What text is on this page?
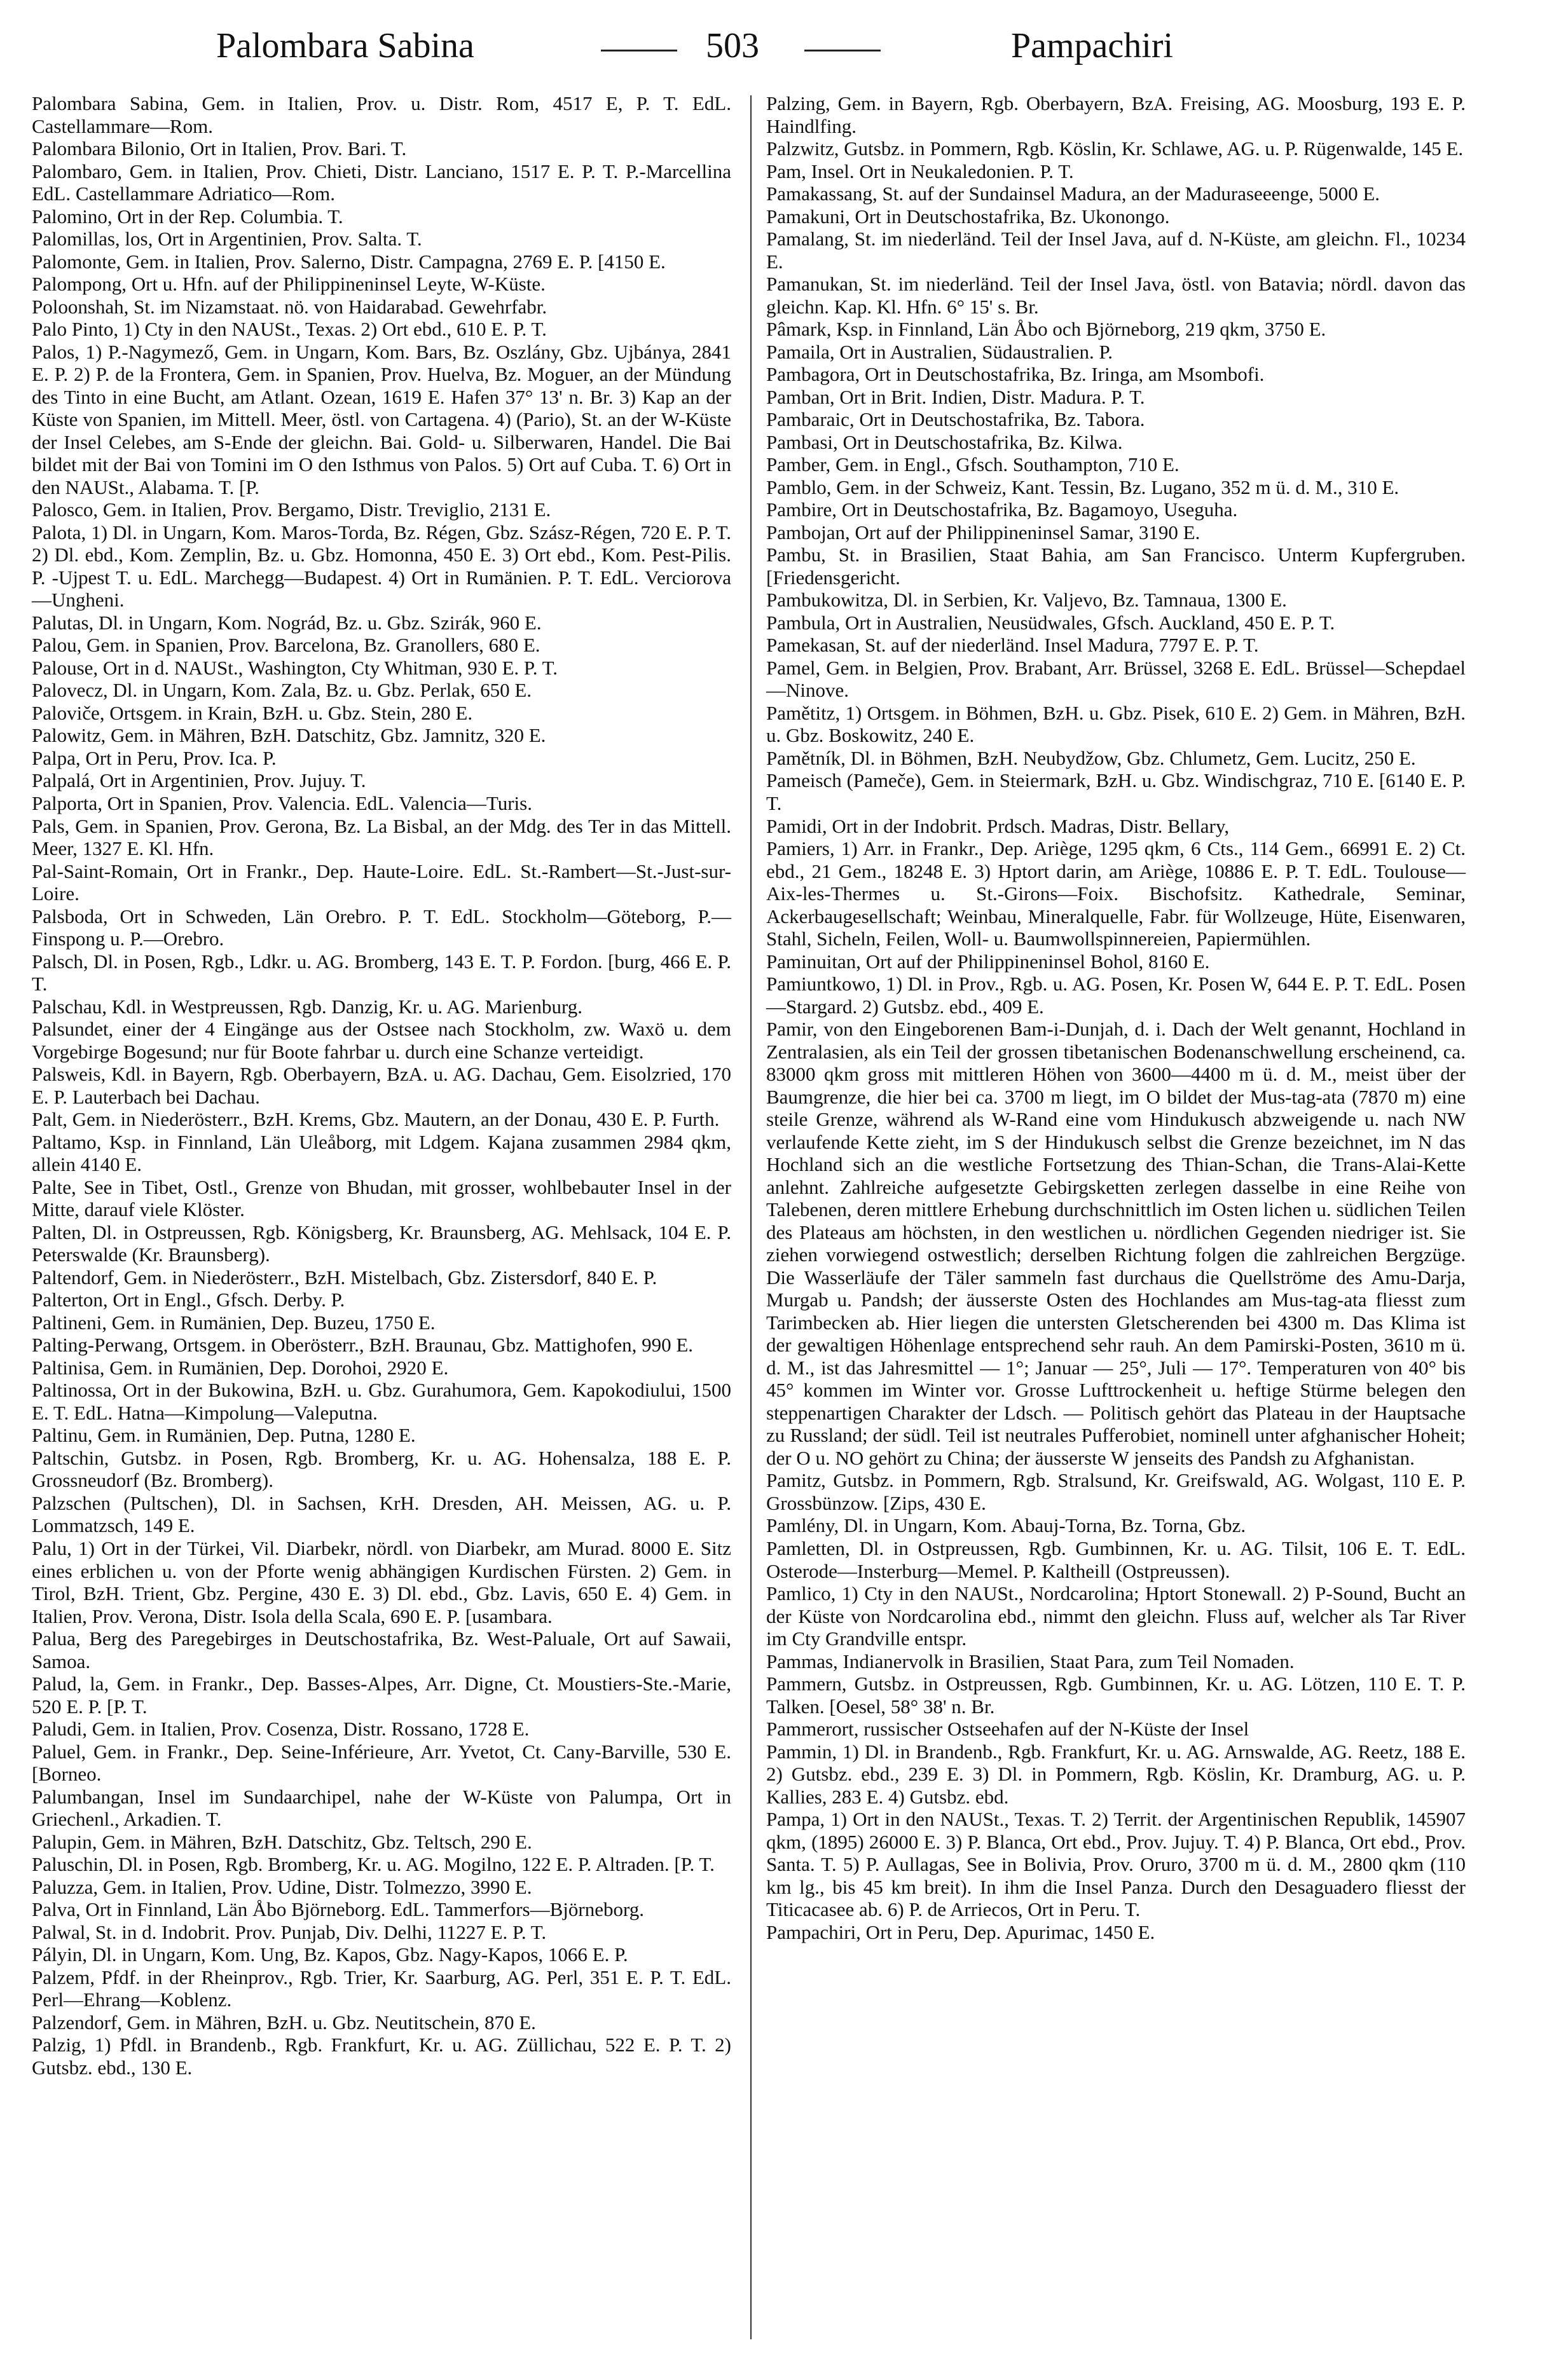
Palombara Sabina	503	Pampachiri

Palombara Sabina, Gem. in Italien, Prov. u. Distr. Rom, 4517 E, P. T. EdL. Castellammare—Rom.

Palombara Bilonio, Ort in Italien, Prov. Bari. T.

Palombaro, Gem. in Italien, Prov. Chieti, Distr. Lanciano, 1517 E. P. T. P.-Marcellina EdL. Castellammare Adriatico—Rom.

Palomino, Ort in der Rep. Columbia. T.

Palomillas, los, Ort in Argentinien, Prov. Salta. T.

Palomonte, Gem. in Italien, Prov. Salerno, Distr. Campagna, 2769 E. P. [4150 E.

Palompong, Ort u. Hfn. auf der Philippineninsel Leyte, W-Küste.

Poloonshah, St. im Nizamstaat. nö. von Haidarabad. Gewehrfabr.

Palo Pinto, 1) Cty in den NAUSt., Texas. 2) Ort ebd., 610 E. P. T.

Palos, 1) P.-Nagymező, Gem. in Ungarn, Kom. Bars, Bz. Oszlány, Gbz. Ujbánya, 2841 E. P. 2) P. de la Frontera, Gem. in Spanien, Prov. Huelva, Bz. Moguer, an der Mündung des Tinto in eine Bucht, am Atlant. Ozean, 1619 E. Hafen 37° 13' n. Br. 3) Kap an der Küste von Spanien, im Mittell. Meer, östl. von Cartagena. 4) (Pario), St. an der W-Küste der Insel Celebes, am S-Ende der gleichn. Bai. Gold- u. Silberwaren, Handel. Die Bai bildet mit der Bai von Tomini im O den Isthmus von Palos. 5) Ort auf Cuba. T. 6) Ort in den NAUSt., Alabama. T. [P.

Palosco, Gem. in Italien, Prov. Bergamo, Distr. Treviglio, 2131 E.

Palota, 1) Dl. in Ungarn, Kom. Maros-Torda, Bz. Régen, Gbz. Szász-Régen, 720 E. P. T. 2) Dl. ebd., Kom. Zemplin, Bz. u. Gbz. Homonna, 450 E. 3) Ort ebd., Kom. Pest-Pilis. P. -Ujpest T. u. EdL. Marchegg—Budapest. 4) Ort in Rumänien. P. T. EdL. Verciorova—Ungheni.

Palutas, Dl. in Ungarn, Kom. Nográd, Bz. u. Gbz. Szirák, 960 E.

Palou, Gem. in Spanien, Prov. Barcelona, Bz. Granollers, 680 E.

Palouse, Ort in d. NAUSt., Washington, Cty Whitman, 930 E. P. T.

Palovecz, Dl. in Ungarn, Kom. Zala, Bz. u. Gbz. Perlak, 650 E.

Paloviče, Ortsgem. in Krain, BzH. u. Gbz. Stein, 280 E.

Palowitz, Gem. in Mähren, BzH. Datschitz, Gbz. Jamnitz, 320 E.

Palpa, Ort in Peru, Prov. Ica. P.

Palpalá, Ort in Argentinien, Prov. Jujuy. T.

Palporta, Ort in Spanien, Prov. Valencia. EdL. Valencia—Turis.

Pals, Gem. in Spanien, Prov. Gerona, Bz. La Bisbal, an der Mdg. des Ter in das Mittell. Meer, 1327 E. Kl. Hfn.

Pal-Saint-Romain, Ort in Frankr., Dep. Haute-Loire. EdL. St.-Rambert—St.-Just-sur-Loire.

Palsboda, Ort in Schweden, Län Orebro. P. T. EdL. Stockholm—Göteborg, P.—Finspong u. P.—Orebro.

Palsch, Dl. in Posen, Rgb., Ldkr. u. AG. Bromberg, 143 E. T. P. Fordon. [burg, 466 E. P. T.

Palschau, Kdl. in Westpreussen, Rgb. Danzig, Kr. u. AG. Marienburg.

Palsundet, einer der 4 Eingänge aus der Ostsee nach Stockholm, zw. Waxö u. dem Vorgebirge Bogesund; nur für Boote fahrbar u. durch eine Schanze verteidigt.

Palsweis, Kdl. in Bayern, Rgb. Oberbayern, BzA. u. AG. Dachau, Gem. Eisolzried, 170 E. P. Lauterbach bei Dachau.

Palt, Gem. in Niederösterr., BzH. Krems, Gbz. Mautern, an der Donau, 430 E. P. Furth.

Paltamo, Ksp. in Finnland, Län Uleåborg, mit Ldgem. Kajana zusammen 2984 qkm, allein 4140 E.

Palte, See in Tibet, Ostl., Grenze von Bhudan, mit grosser, wohlbebauter Insel in der Mitte, darauf viele Klöster.

Palten, Dl. in Ostpreussen, Rgb. Königsberg, Kr. Braunsberg, AG. Mehlsack, 104 E. P. Peterswalde (Kr. Braunsberg).

Paltendorf, Gem. in Niederösterr., BzH. Mistelbach, Gbz. Zistersdorf, 840 E. P.

Palterton, Ort in Engl., Gfsch. Derby. P.

Paltineni, Gem. in Rumänien, Dep. Buzeu, 1750 E.

Palting-Perwang, Ortsgem. in Oberösterr., BzH. Braunau, Gbz. Mattighofen, 990 E.

Paltinisa, Gem. in Rumänien, Dep. Dorohoi, 2920 E.

Paltinossa, Ort in der Bukowina, BzH. u. Gbz. Gurahumora, Gem. Kapokodiului, 1500 E. T. EdL. Hatna—Kimpolung—Valeputna.

Paltinu, Gem. in Rumänien, Dep. Putna, 1280 E.

Paltschin, Gutsbz. in Posen, Rgb. Bromberg, Kr. u. AG. Hohensalza, 188 E. P. Grossneudorf (Bz. Bromberg).

Palzschen (Pultschen), Dl. in Sachsen, KrH. Dresden, AH. Meissen, AG. u. P. Lommatzsch, 149 E.

Palu, 1) Ort in der Türkei, Vil. Diarbekr, nördl. von Diarbekr, am Murad. 8000 E. Sitz eines erblichen u. von der Pforte wenig abhängigen Kurdischen Fürsten. 2) Gem. in Tirol, BzH. Trient, Gbz. Pergine, 430 E. 3) Dl. ebd., Gbz. Lavis, 650 E. 4) Gem. in Italien, Prov. Verona, Distr. Isola della Scala, 690 E. P. [usambara.

Palua, Berg des Paregebirges in Deutschostafrika, Bz. West-Paluale, Ort auf Sawaii, Samoa.

Palud, la, Gem. in Frankr., Dep. Basses-Alpes, Arr. Digne, Ct. Moustiers-Ste.-Marie, 520 E. P. [P. T.

Paludi, Gem. in Italien, Prov. Cosenza, Distr. Rossano, 1728 E.

Paluel, Gem. in Frankr., Dep. Seine-Inférieure, Arr. Yvetot, Ct. Cany-Barville, 530 E. [Borneo.

Palumbangan, Insel im Sundaarchipel, nahe der W-Küste von Palumpa, Ort in Griechenl., Arkadien. T.

Palupin, Gem. in Mähren, BzH. Datschitz, Gbz. Teltsch, 290 E.

Paluschin, Dl. in Posen, Rgb. Bromberg, Kr. u. AG. Mogilno, 122 E. P. Altraden. [P. T.

Paluzza, Gem. in Italien, Prov. Udine, Distr. Tolmezzo, 3990 E.

Palva, Ort in Finnland, Län Åbo Björneborg. EdL. Tammerfors—Björneborg.

Palwal, St. in d. Indobrit. Prov. Punjab, Div. Delhi, 11227 E. P. T.

Pályin, Dl. in Ungarn, Kom. Ung, Bz. Kapos, Gbz. Nagy-Kapos, 1066 E. P.

Palzem, Pfdf. in der Rheinprov., Rgb. Trier, Kr. Saarburg, AG. Perl, 351 E. P. T. EdL. Perl—Ehrang—Koblenz.

Palzendorf, Gem. in Mähren, BzH. u. Gbz. Neutitschein, 870 E.

Palzig, 1) Pfdl. in Brandenb., Rgb. Frankfurt, Kr. u. AG. Züllichau, 522 E. P. T. 2) Gutsbz. ebd., 130 E.

Palzing, Gem. in Bayern, Rgb. Oberbayern, BzA. Freising, AG. Moosburg, 193 E. P. Haindlfing.

Palzwitz, Gutsbz. in Pommern, Rgb. Köslin, Kr. Schlawe, AG. u. P. Rügenwalde, 145 E.

Pam, Insel. Ort in Neukaledonien. P. T.

Pamakassang, St. auf der Sundainsel Madura, an der Maduraseeenge, 5000 E.

Pamakuni, Ort in Deutschostafrika, Bz. Ukonongo.

Pamalang, St. im niederländ. Teil der Insel Java, auf d. N-Küste, am gleichn. Fl., 10234 E.

Pamanukan, St. im niederländ. Teil der Insel Java, östl. von Batavia; nördl. davon das gleichn. Kap. Kl. Hfn. 6° 15' s. Br.

Pâmark, Ksp. in Finnland, Län Åbo och Björneborg, 219 qkm, 3750 E.

Pamaila, Ort in Australien, Südaustralien. P.

Pambagora, Ort in Deutschostafrika, Bz. Iringa, am Msombofi.

Pamban, Ort in Brit. Indien, Distr. Madura. P. T.

Pambaraic, Ort in Deutschostafrika, Bz. Tabora.

Pambasi, Ort in Deutschostafrika, Bz. Kilwa.

Pamber, Gem. in Engl., Gfsch. Southampton, 710 E.

Pamblo, Gem. in der Schweiz, Kant. Tessin, Bz. Lugano, 352 m ü. d. M., 310 E.

Pambire, Ort in Deutschostafrika, Bz. Bagamoyo, Useguha.

Pambojan, Ort auf der Philippineninsel Samar, 3190 E.

Pambu, St. in Brasilien, Staat Bahia, am San Francisco. Unterm Kupfergruben. [Friedensgericht.

Pambukowitza, Dl. in Serbien, Kr. Valjevo, Bz. Tamnaua, 1300 E.

Pambula, Ort in Australien, Neusüdwales, Gfsch. Auckland, 450 E. P. T.

Pamekasan, St. auf der niederländ. Insel Madura, 7797 E. P. T.

Pamel, Gem. in Belgien, Prov. Brabant, Arr. Brüssel, 3268 E. EdL. Brüssel—Schepdael—Ninove.

Pamětitz, 1) Ortsgem. in Böhmen, BzH. u. Gbz. Pisek, 610 E. 2) Gem. in Mähren, BzH. u. Gbz. Boskowitz, 240 E.

Pamětník, Dl. in Böhmen, BzH. Neubydžow, Gbz. Chlumetz, Gem. Lucitz, 250 E.

Pameisch (Pameče), Gem. in Steiermark, BzH. u. Gbz. Windischgraz, 710 E. [6140 E. P. T.

Pamidi, Ort in der Indobrit. Prdsch. Madras, Distr. Bellary,

Pamiers, 1) Arr. in Frankr., Dep. Ariège, 1295 qkm, 6 Cts., 114 Gem., 66991 E. 2) Ct. ebd., 21 Gem., 18248 E. 3) Hptort darin, am Ariège, 10886 E. P. T. EdL. Toulouse—Aix-les-Thermes u. St.-Girons—Foix. Bischofsitz. Kathedrale, Seminar, Ackerbaugesellschaft; Weinbau, Mineralquelle, Fabr. für Wollzeuge, Hüte, Eisenwaren, Stahl, Sicheln, Feilen, Woll- u. Baumwollspinnereien, Papiermühlen.

Paminuitan, Ort auf der Philippineninsel Bohol, 8160 E.

Pamiuntkowo, 1) Dl. in Prov., Rgb. u. AG. Posen, Kr. Posen W, 644 E. P. T. EdL. Posen—Stargard. 2) Gutsbz. ebd., 409 E.

Pamir, von den Eingeborenen Bam-i-Dunjah, d. i. Dach der Welt genannt, Hochland in Zentralasien, als ein Teil der grossen tibetanischen Bodenanschwellung erscheinend, ca. 83000 qkm gross mit mittleren Höhen von 3600—4400 m ü. d. M., meist über der Baumgrenze, die hier bei ca. 3700 m liegt, im O bildet der Mus-tag-ata (7870 m) eine steile Grenze, während als W-Rand eine vom Hindukusch abzweigende u. nach NW verlaufende Kette zieht, im S der Hindukusch selbst die Grenze bezeichnet, im N das Hochland sich an die westliche Fortsetzung des Thian-Schan, die Trans-Alai-Kette anlehnt. Zahlreiche aufgesetzte Gebirgsketten zerlegen dasselbe in eine Reihe von Talebenen, deren mittlere Erhebung durchschnittlich im Osten lichen u. südlichen Teilen des Plateaus am höchsten, in den westlichen u. nördlichen Gegenden niedriger ist. Sie ziehen vorwiegend ostwestlich; derselben Richtung folgen die zahlreichen Bergzüge. Die Wasserläufe der Täler sammeln fast durchaus die Quellströme des Amu-Darja, Murgab u. Pandsh; der äusserste Osten des Hochlandes am Mus-tag-ata fliesst zum Tarimbecken ab. Hier liegen die untersten Gletscherenden bei 4300 m. Das Klima ist der gewaltigen Höhenlage entsprechend sehr rauh. An dem Pamirski-Posten, 3610 m ü. d. M., ist das Jahresmittel — 1°; Januar — 25°, Juli — 17°. Temperaturen von 40° bis 45° kommen im Winter vor. Grosse Lufttrockenheit u. heftige Stürme belegen den steppenartigen Charakter der Ldsch. — Politisch gehört das Plateau in der Hauptsache zu Russland; der südl. Teil ist neutrales Pufferobiet, nominell unter afghanischer Hoheit; der O u. NO gehört zu China; der äusserste W jenseits des Pandsh zu Afghanistan.

Pamitz, Gutsbz. in Pommern, Rgb. Stralsund, Kr. Greifswald, AG. Wolgast, 110 E. P. Grossbünzow. [Zips, 430 E.

Pamlény, Dl. in Ungarn, Kom. Abauj-Torna, Bz. Torna, Gbz.

Pamletten, Dl. in Ostpreussen, Rgb. Gumbinnen, Kr. u. AG. Tilsit, 106 E. T. EdL. Osterode—Insterburg—Memel. P. Kaltheill (Ostpreussen).

Pamlico, 1) Cty in den NAUSt., Nordcarolina; Hptort Stonewall. 2) P-Sound, Bucht an der Küste von Nordcarolina ebd., nimmt den gleichn. Fluss auf, welcher als Tar River im Cty Grandville entspr.

Pammas, Indianervolk in Brasilien, Staat Para, zum Teil Nomaden.

Pammern, Gutsbz. in Ostpreussen, Rgb. Gumbinnen, Kr. u. AG. Lötzen, 110 E. T. P. Talken. [Oesel, 58° 38' n. Br.

Pammerort, russischer Ostseehafen auf der N-Küste der Insel

Pammin, 1) Dl. in Brandenb., Rgb. Frankfurt, Kr. u. AG. Arnswalde, AG. Reetz, 188 E. 2) Gutsbz. ebd., 239 E. 3) Dl. in Pommern, Rgb. Köslin, Kr. Dramburg, AG. u. P. Kallies, 283 E. 4) Gutsbz. ebd.

Pampa, 1) Ort in den NAUSt., Texas. T. 2) Territ. der Argentinischen Republik, 145907 qkm, (1895) 26000 E. 3) P. Blanca, Ort ebd., Prov. Jujuy. T. 4) P. Blanca, Ort ebd., Prov. Santa. T. 5) P. Aullagas, See in Bolivia, Prov. Oruro, 3700 m ü. d. M., 2800 qkm (110 km lg., bis 45 km breit). In ihm die Insel Panza. Durch den Desaguadero fliesst der Titicacasee ab. 6) P. de Arriecos, Ort in Peru. T.

Pampachiri, Ort in Peru, Dep. Apurimac, 1450 E.
